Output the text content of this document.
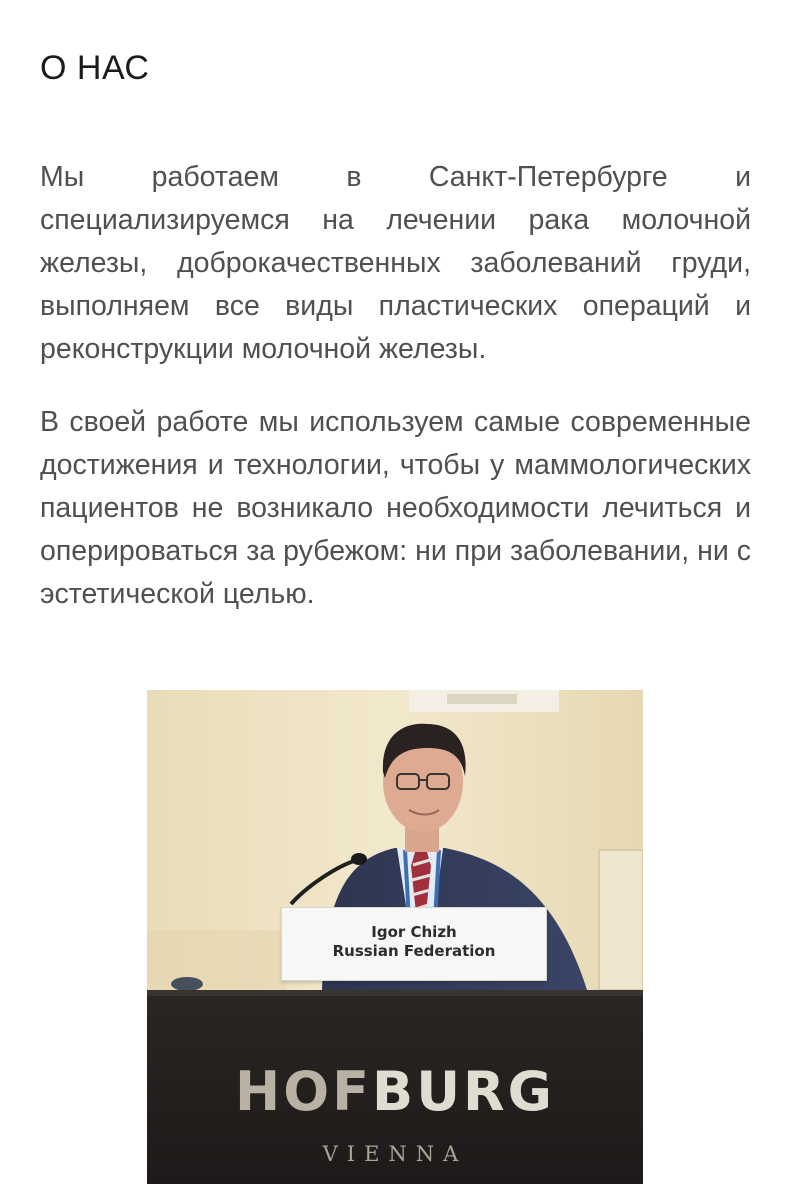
О НАС

Мы работаем в Санкт-Петербурге и специализируемся на лечении рака молочной железы, доброкачественных заболеваний груди, выполняем все виды пластических операций и реконструкции молочной железы.

В своей работе мы используем самые современные достижения и технологии, чтобы у маммологических пациентов не возникало необходимости лечиться и оперироваться за рубежом: ни при заболевании, ни с эстетической целью.

Igor Chizh
Russian Federation
HOFBURG
VIENNA
